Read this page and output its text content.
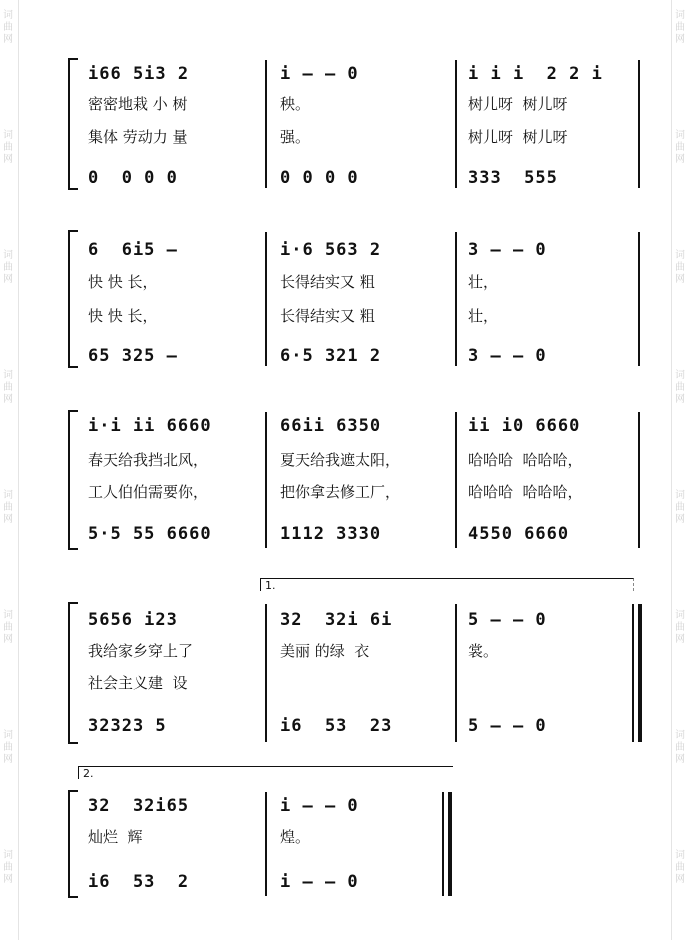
词曲网
词曲网
词曲网
词曲网
词曲网
词曲网
词曲网
词曲网
词曲网
词曲网
词曲网
词曲网
词曲网
词曲网
词曲网
词曲网
i66 5i3 2	i — — 0	i i i  2 2 i
密密地栽 小 树	秧。	树儿呀  树儿呀
集体 劳动力 量	强。	树儿呀  树儿呀
0  0 0 0	0 0 0 0	333  555
6  6i5 —	i·6 563 2	3 — — 0
快 快 长，	长得结实又 粗	壮，
快 快 长，	长得结实又 粗	壮，
65 325 —	6·5 321 2	3 — — 0
i·i ii 6660	66ii 6350	ii i0 6660
春天给我挡北风，	夏天给我遮太阳，	哈哈哈  哈哈哈，
工人伯伯需要你，	把你拿去修工厂，	哈哈哈  哈哈哈，
5·5 55 6660	1112 3330	4550 6660
1.
5656 i23	32  32i 6i	5 — — 0
我给家乡穿上了	美丽 的绿  衣	裳。
社会主义建  设
32323 5	i6  53  23	5 — — 0
2.
32  32i65	i — — 0
灿烂  辉	煌。
i6  53  2	i — — 0
